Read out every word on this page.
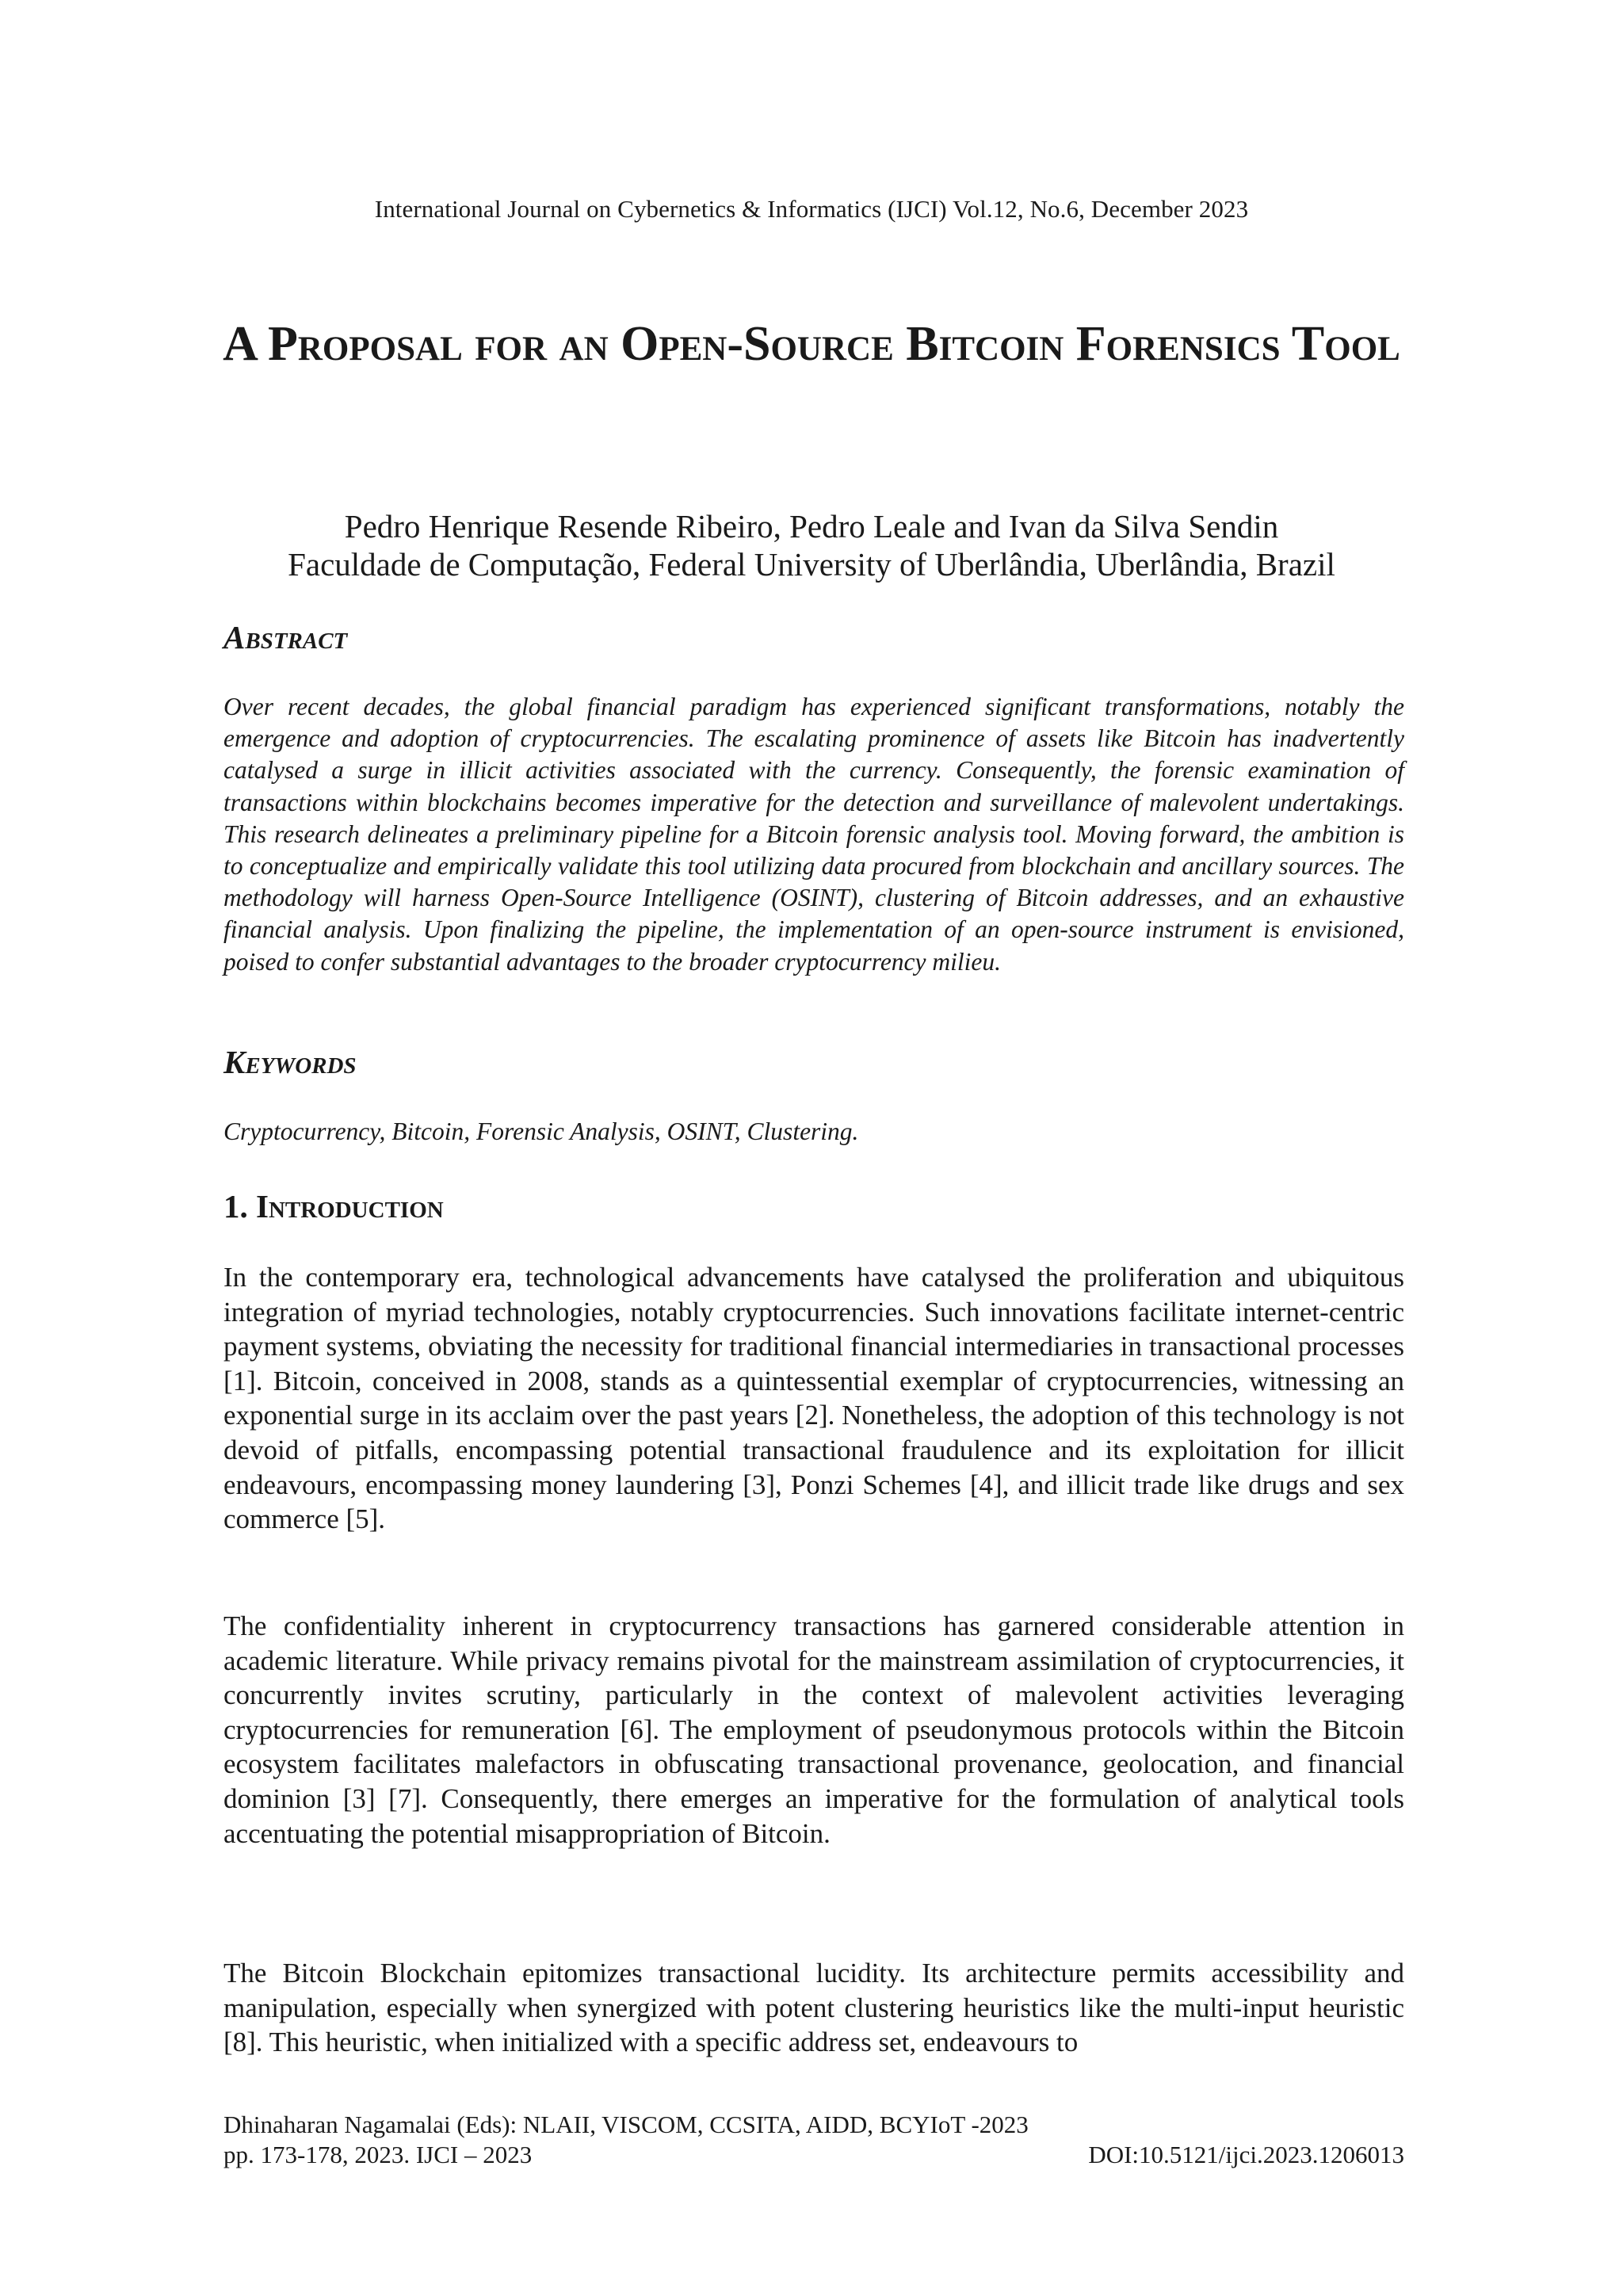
International Journal on Cybernetics & Informatics (IJCI) Vol.12, No.6, December 2023
A Proposal for an Open-Source Bitcoin Forensics Tool
Pedro Henrique Resende Ribeiro, Pedro Leale and Ivan da Silva Sendin
Faculdade de Computação, Federal University of Uberlândia, Uberlândia, Brazil
Abstract

Over recent decades, the global financial paradigm has experienced significant transformations, notably the emergence and adoption of cryptocurrencies. The escalating prominence of assets like Bitcoin has inadvertently catalysed a surge in illicit activities associated with the currency. Consequently, the forensic examination of transactions within blockchains becomes imperative for the detection and surveillance of malevolent undertakings. This research delineates a preliminary pipeline for a Bitcoin forensic analysis tool. Moving forward, the ambition is to conceptualize and empirically validate this tool utilizing data procured from blockchain and ancillary sources. The methodology will harness Open-Source Intelligence (OSINT), clustering of Bitcoin addresses, and an exhaustive financial analysis. Upon finalizing the pipeline, the implementation of an open-source instrument is envisioned, poised to confer substantial advantages to the broader cryptocurrency milieu.

Keywords

Cryptocurrency, Bitcoin, Forensic Analysis, OSINT, Clustering.

1. Introduction

In the contemporary era, technological advancements have catalysed the proliferation and ubiquitous integration of myriad technologies, notably cryptocurrencies. Such innovations facilitate internet-centric payment systems, obviating the necessity for traditional financial intermediaries in transactional processes [1]. Bitcoin, conceived in 2008, stands as a quintessential exemplar of cryptocurrencies, witnessing an exponential surge in its acclaim over the past years [2]. Nonetheless, the adoption of this technology is not devoid of pitfalls, encompassing potential transactional fraudulence and its exploitation for illicit endeavours, encompassing money laundering [3], Ponzi Schemes [4], and illicit trade like drugs and sex commerce [5].

The confidentiality inherent in cryptocurrency transactions has garnered considerable attention in academic literature. While privacy remains pivotal for the mainstream assimilation of cryptocurrencies, it concurrently invites scrutiny, particularly in the context of malevolent activities leveraging cryptocurrencies for remuneration [6]. The employment of pseudonymous protocols within the Bitcoin ecosystem facilitates malefactors in obfuscating transactional provenance, geolocation, and financial dominion [3] [7]. Consequently, there emerges an imperative for the formulation of analytical tools accentuating the potential misappropriation of Bitcoin.

The Bitcoin Blockchain epitomizes transactional lucidity. Its architecture permits accessibility and manipulation, especially when synergized with potent clustering heuristics like the multi-input heuristic [8]. This heuristic, when initialized with a specific address set, endeavours to

Dhinaharan Nagamalai (Eds): NLAII, VISCOM, CCSITA, AIDD, BCYIoT -2023
pp. 173-178, 2023. IJCI – 2023	DOI:10.5121/ijci.2023.1206013
